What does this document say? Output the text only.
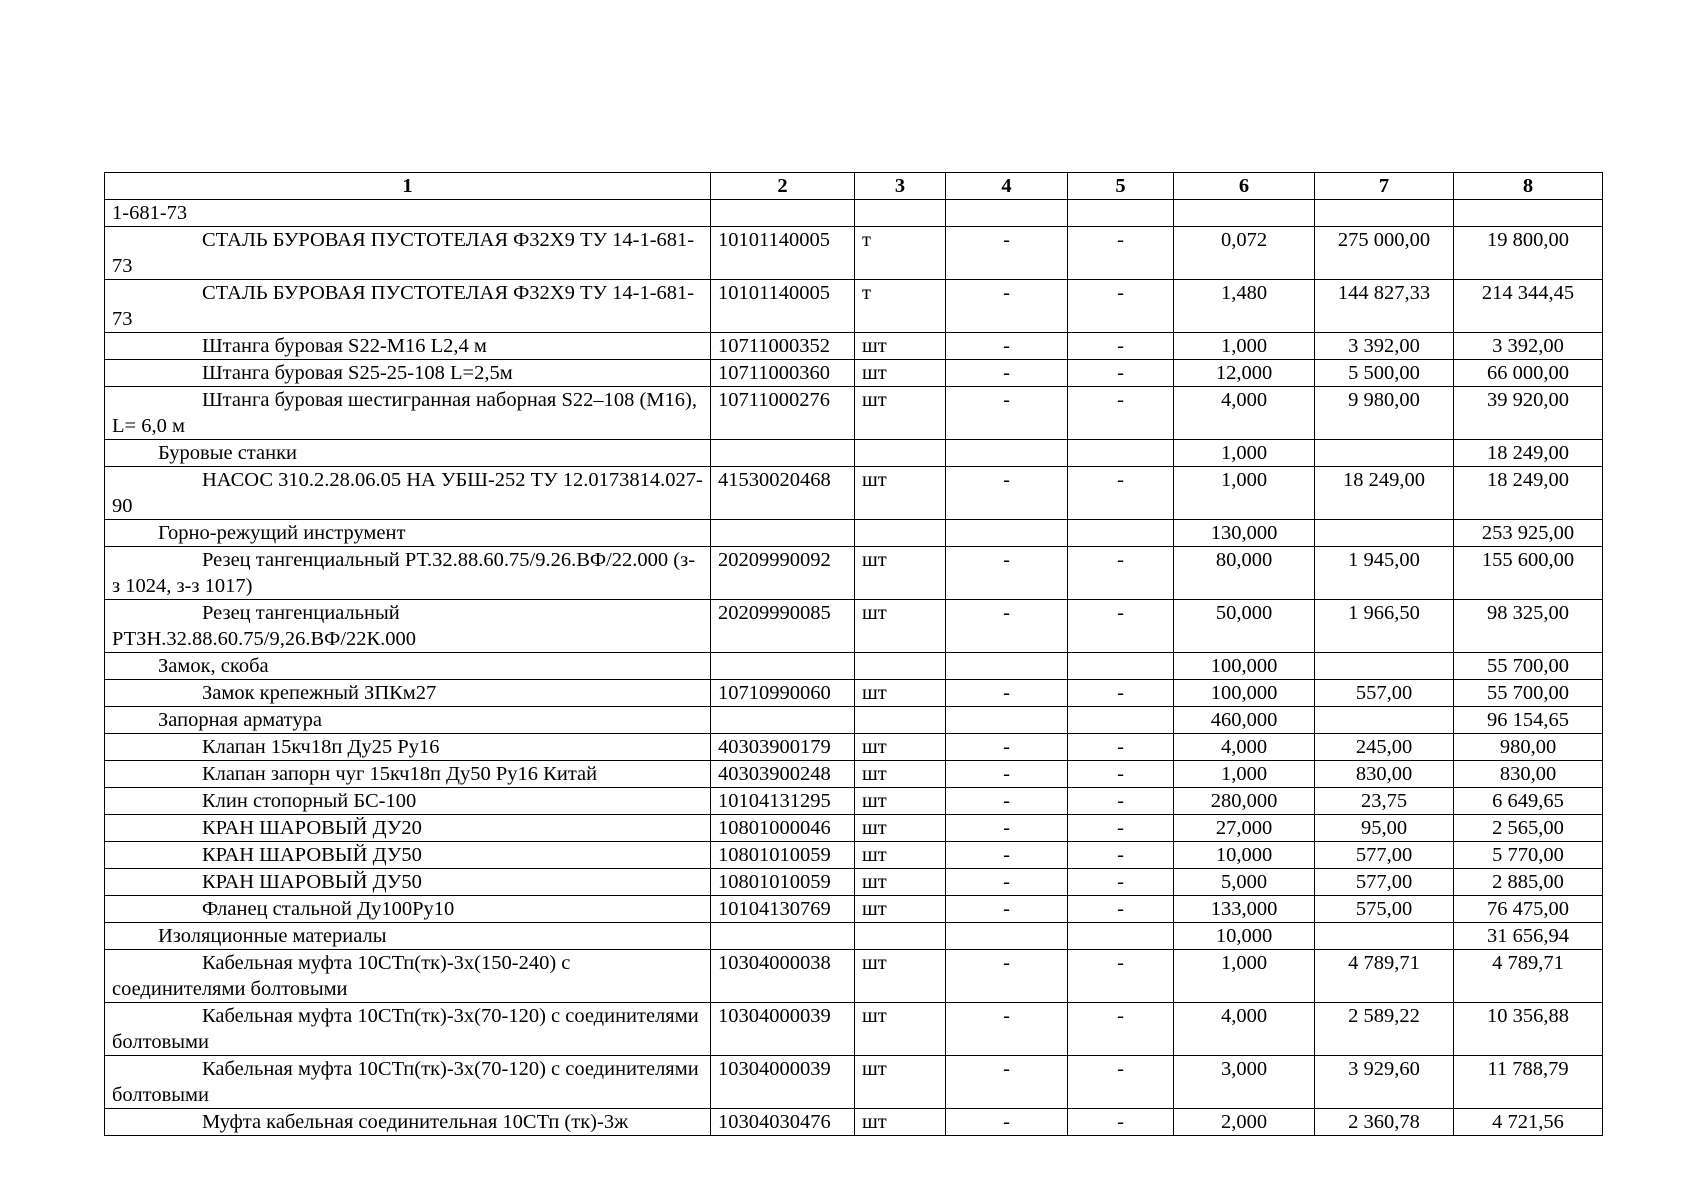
1	2	3	4	5	6	7	8
1-681-73							

СТАЛЬ БУРОВАЯ ПУСТОТЕЛАЯ Ф32Х9 ТУ 14-1-681-73	10101140005	т	-	-	0,072	275 000,00	19 800,00

СТАЛЬ БУРОВАЯ ПУСТОТЕЛАЯ Ф32Х9 ТУ 14-1-681-73	10101140005	т	-	-	1,480	144 827,33	214 344,45

Штанга буровая S22-M16 L2,4 м	10711000352	шт	-	-	1,000	3 392,00	3 392,00

Штанга буровая S25-25-108 L=2,5м	10711000360	шт	-	-	12,000	5 500,00	66 000,00

Штанга буровая шестигранная наборная S22–108 (M16), L= 6,0 м	10711000276	шт	-	-	4,000	9 980,00	39 920,00

Буровые станки					1,000		18 249,00

НАСОС 310.2.28.06.05 НА УБШ-252 ТУ 12.0173814.027-90	41530020468	шт	-	-	1,000	18 249,00	18 249,00

Горно-режущий инструмент					130,000		253 925,00

Резец тангенциальный РТ.32.88.60.75/9.26.ВФ/22.000 (з-з 1024, з-з 1017)	20209990092	шт	-	-	80,000	1 945,00	155 600,00

Резец тангенциальный РТЗН.32.88.60.75/9,26.ВФ/22К.000	20209990085	шт	-	-	50,000	1 966,50	98 325,00

Замок, скоба					100,000		55 700,00

Замок крепежный ЗПКм27	10710990060	шт	-	-	100,000	557,00	55 700,00

Запорная арматура					460,000		96 154,65

Клапан 15кч18п Ду25 Ру16	40303900179	шт	-	-	4,000	245,00	980,00

Клапан запорн чуг 15кч18п Ду50 Ру16 Китай	40303900248	шт	-	-	1,000	830,00	830,00

Клин стопорный БС-100	10104131295	шт	-	-	280,000	23,75	6 649,65

КРАН ШАРОВЫЙ ДУ20	10801000046	шт	-	-	27,000	95,00	2 565,00

КРАН ШАРОВЫЙ ДУ50	10801010059	шт	-	-	10,000	577,00	5 770,00

КРАН ШАРОВЫЙ ДУ50	10801010059	шт	-	-	5,000	577,00	2 885,00

Фланец стальной Ду100Ру10	10104130769	шт	-	-	133,000	575,00	76 475,00

Изоляционные материалы					10,000		31 656,94

Кабельная муфта 10СТп(тк)-3х(150-240) с соединителями болтовыми	10304000038	шт	-	-	1,000	4 789,71	4 789,71

Кабельная муфта 10СТп(тк)-3х(70-120) с соединителями болтовыми	10304000039	шт	-	-	4,000	2 589,22	10 356,88

Кабельная муфта 10СТп(тк)-3х(70-120) с соединителями болтовыми	10304000039	шт	-	-	3,000	3 929,60	11 788,79

Муфта кабельная соединительная 10СТп (тк)-3ж	10304030476	шт	-	-	2,000	2 360,78	4 721,56
